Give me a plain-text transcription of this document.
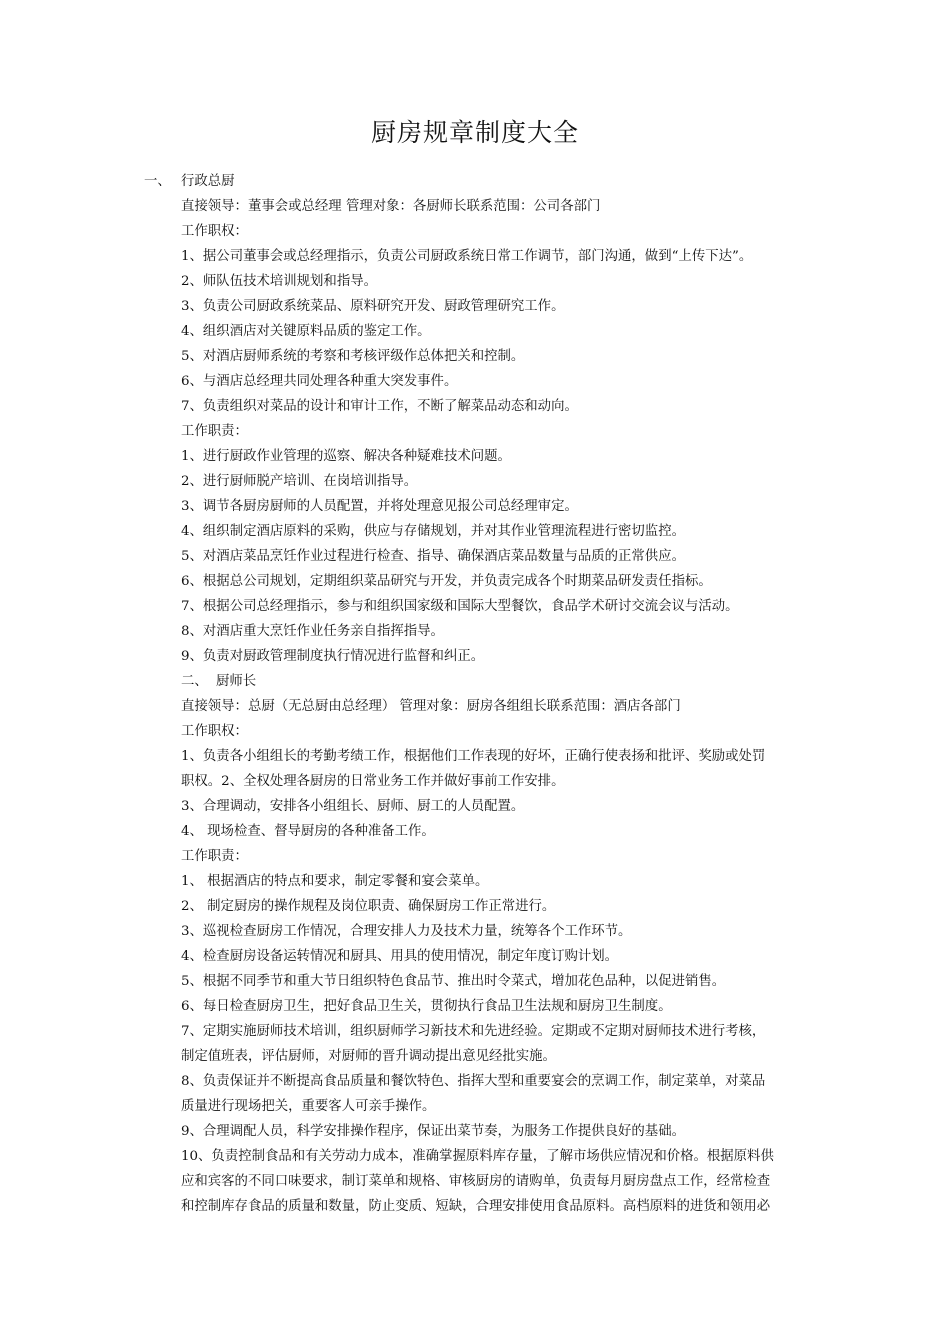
厨房规章制度大全
一、 行政总厨
直接领导：董事会或总经理 管理对象：各厨师长联系范围：公司各部门
工作职权：
1、据公司董事会或总经理指示，负责公司厨政系统日常工作调节，部门沟通，做到“上传下达”。
2、师队伍技术培训规划和指导。
3、负责公司厨政系统菜品、原料研究开发、厨政管理研究工作。
4、组织酒店对关键原料品质的鉴定工作。
5、对酒店厨师系统的考察和考核评级作总体把关和控制。
6、与酒店总经理共同处理各种重大突发事件。
7、负责组织对菜品的设计和审计工作，不断了解菜品动态和动向。
工作职责：
1、进行厨政作业管理的巡察、解决各种疑难技术问题。
2、进行厨师脱产培训、在岗培训指导。
3、调节各厨房厨师的人员配置，并将处理意见报公司总经理审定。
4、组织制定酒店原料的采购，供应与存储规划，并对其作业管理流程进行密切监控。
5、对酒店菜品烹饪作业过程进行检查、指导、确保酒店菜品数量与品质的正常供应。
6、根据总公司规划，定期组织菜品研究与开发，并负责完成各个时期菜品研发责任指标。
7、根据公司总经理指示，参与和组织国家级和国际大型餐饮，食品学术研讨交流会议与活动。
8、对酒店重大烹饪作业任务亲自指挥指导。
9、负责对厨政管理制度执行情况进行监督和纠正。
二、 厨师长
直接领导：总厨（无总厨由总经理） 管理对象：厨房各组组长联系范围：酒店各部门
工作职权：
1、负责各小组组长的考勤考绩工作，根据他们工作表现的好坏，正确行使表扬和批评、奖励或处罚
职权。2、全权处理各厨房的日常业务工作并做好事前工作安排。
3、合理调动，安排各小组组长、厨师、厨工的人员配置。
4、 现场检查、督导厨房的各种准备工作。
工作职责：
1、 根据酒店的特点和要求，制定零餐和宴会菜单。
2、 制定厨房的操作规程及岗位职责、确保厨房工作正常进行。
3、巡视检查厨房工作情况，合理安排人力及技术力量，统筹各个工作环节。
4、检查厨房设备运转情况和厨具、用具的使用情况，制定年度订购计划。
5、根据不同季节和重大节日组织特色食品节、推出时令菜式，增加花色品种，以促进销售。
6、每日检查厨房卫生，把好食品卫生关，贯彻执行食品卫生法规和厨房卫生制度。
7、定期实施厨师技术培训，组织厨师学习新技术和先进经验。定期或不定期对厨师技术进行考核，
制定值班表，评估厨师，对厨师的晋升调动提出意见经批实施。
8、负责保证并不断提高食品质量和餐饮特色、指挥大型和重要宴会的烹调工作，制定菜单，对菜品
质量进行现场把关，重要客人可亲手操作。
9、合理调配人员，科学安排操作程序，保证出菜节奏，为服务工作提供良好的基础。
10、负责控制食品和有关劳动力成本，准确掌握原料库存量，了解市场供应情况和价格。根据原料供
应和宾客的不同口味要求，制订菜单和规格、审核厨房的请购单，负责每月厨房盘点工作，经常检查
和控制库存食品的质量和数量，防止变质、短缺，合理安排使用食品原料。高档原料的进货和领用必
